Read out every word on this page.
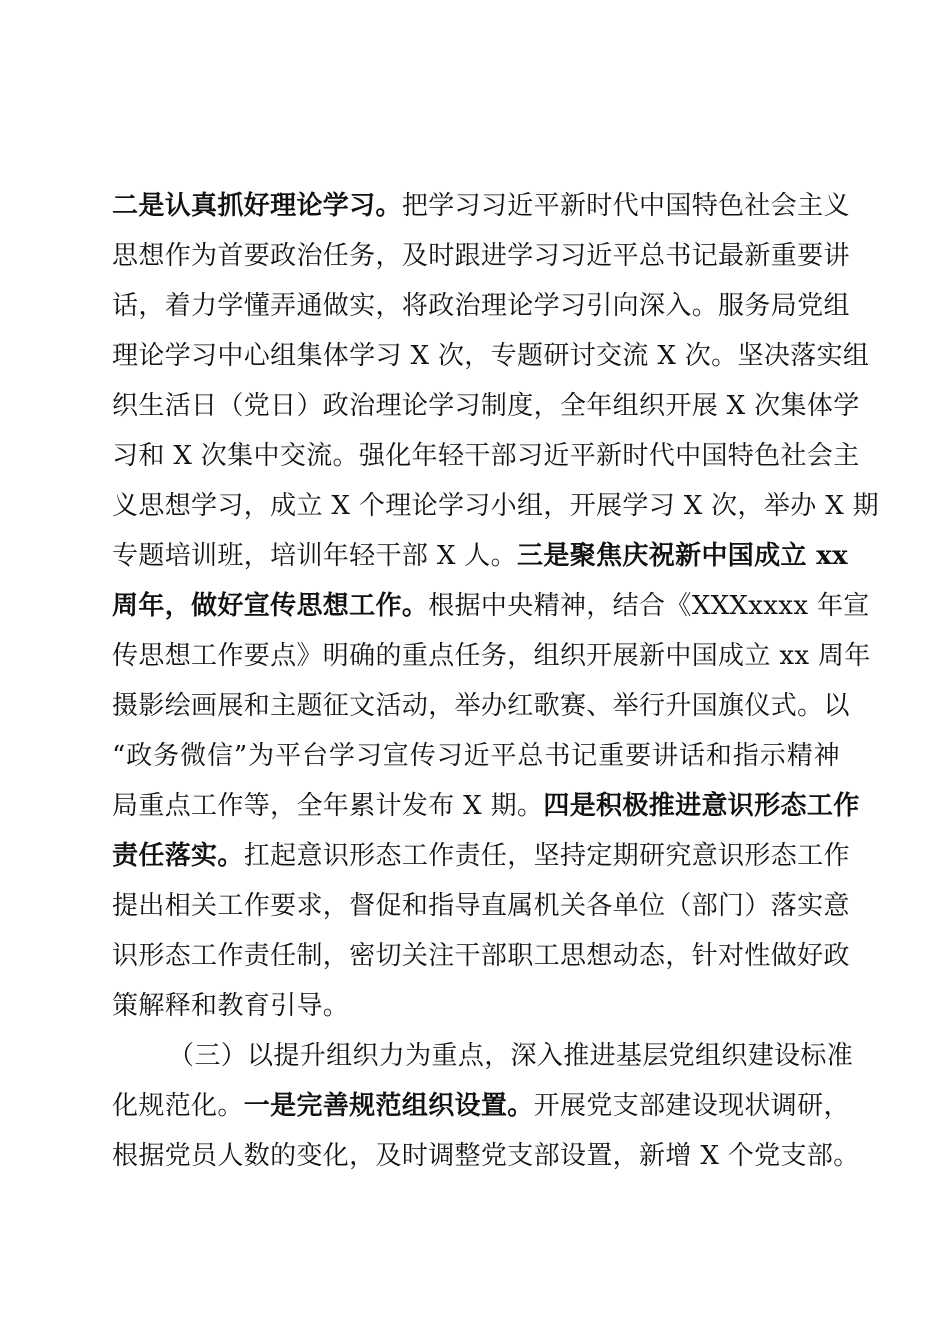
二是认真抓好理论学习。把学习习近平新时代中国特色社会主义
思想作为首要政治任务，及时跟进学习习近平总书记最新重要讲
话，着力学懂弄通做实，将政治理论学习引向深入。服务局党组
理论学习中心组集体学习 X 次，专题研讨交流 X 次。坚决落实组
织生活日（党日）政治理论学习制度，全年组织开展 X 次集体学
习和 X 次集中交流。强化年轻干部习近平新时代中国特色社会主
义思想学习，成立 X 个理论学习小组，开展学习 X 次，举办 X 期
专题培训班，培训年轻干部 X 人。三是聚焦庆祝新中国成立 xx
周年，做好宣传思想工作。根据中央精神，结合《XXXxxxx 年宣
传思想工作要点》明确的重点任务，组织开展新中国成立 xx 周年
摄影绘画展和主题征文活动，举办红歌赛、举行升国旗仪式。以
“政务微信”为平台学习宣传习近平总书记重要讲话和指示精神
局重点工作等，全年累计发布 X 期。四是积极推进意识形态工作
责任落实。扛起意识形态工作责任，坚持定期研究意识形态工作
提出相关工作要求，督促和指导直属机关各单位（部门）落实意
识形态工作责任制，密切关注干部职工思想动态，针对性做好政
策解释和教育引导。
（三）以提升组织力为重点，深入推进基层党组织建设标准
化规范化。一是完善规范组织设置。开展党支部建设现状调研，
根据党员人数的变化，及时调整党支部设置，新增 X 个党支部。
